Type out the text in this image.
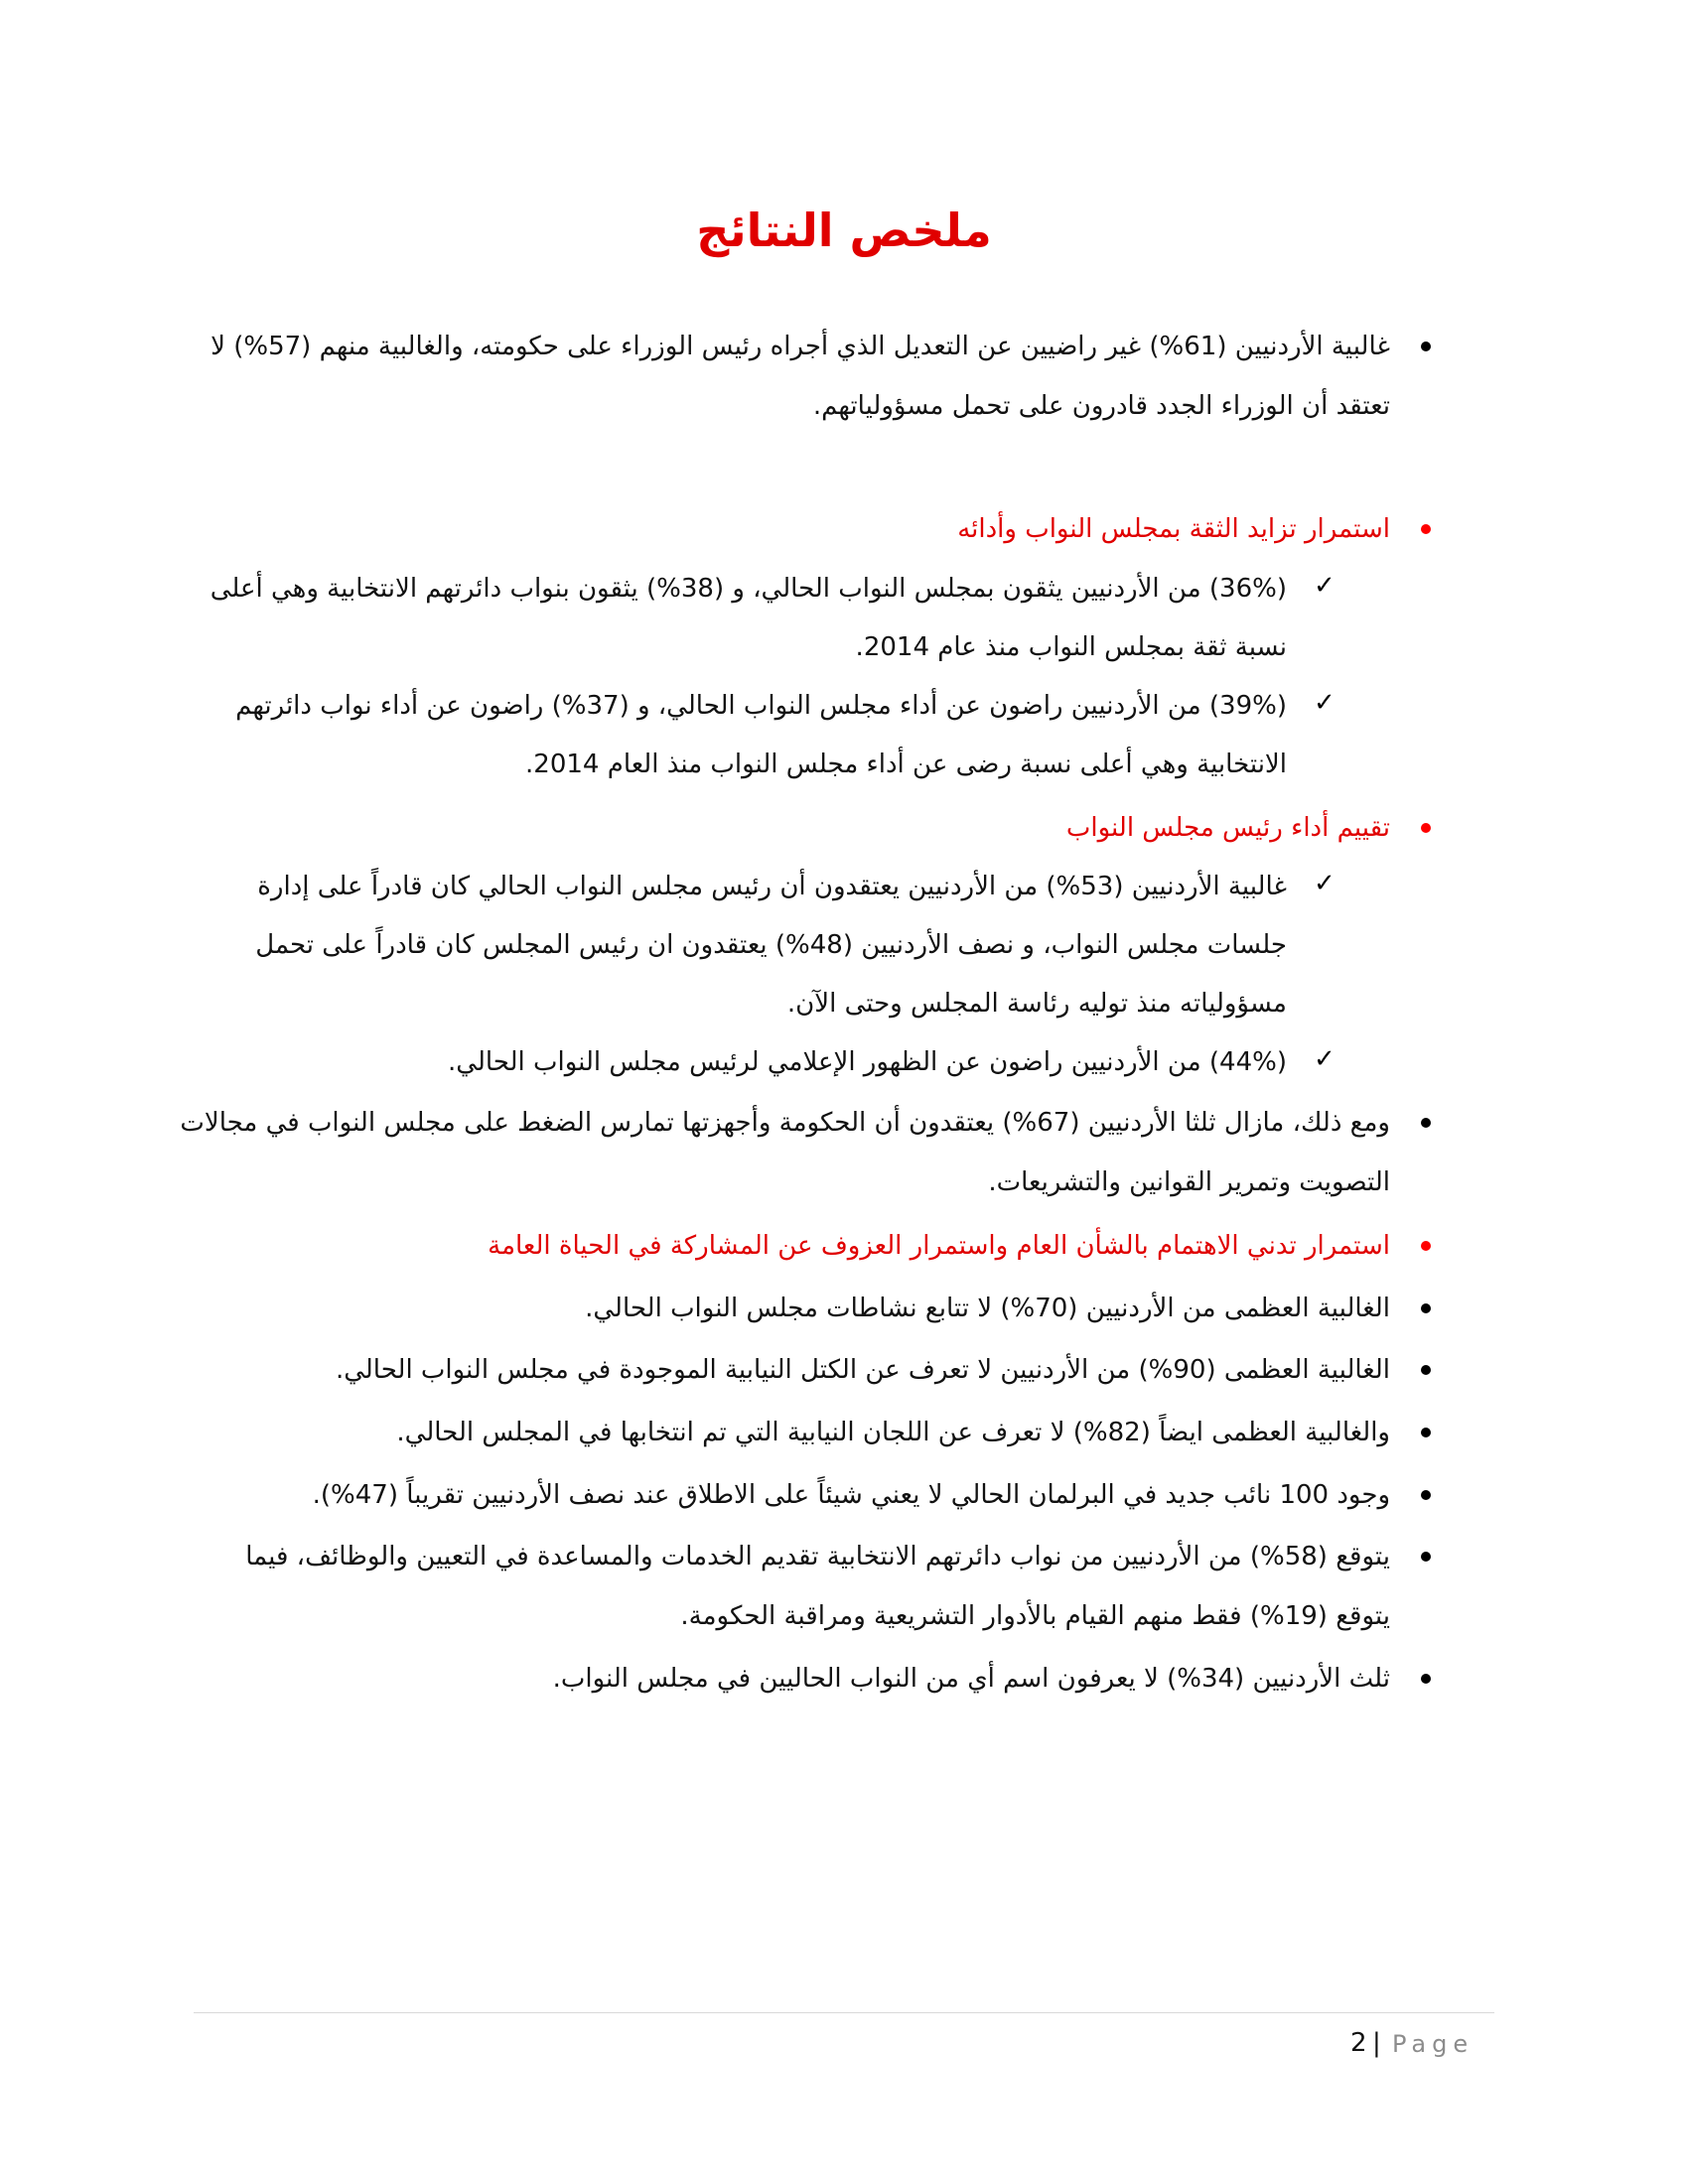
ملخص النتائج

غالبية الأردنيين (61%) غير راضيين عن التعديل الذي أجراه رئيس الوزراء على حكومته، والغالبية منهم (57%) لا

تعتقد أن الوزراء الجدد قادرون على تحمل مسؤولياتهم.

استمرار تزايد الثقة بمجلس النواب وأدائه

✓

(36%) من الأردنيين يثقون بمجلس النواب الحالي، و (38%) يثقون بنواب دائرتهم الانتخابية وهي أعلى

نسبة ثقة بمجلس النواب منذ عام 2014.

✓

(39%) من الأردنيين راضون عن أداء مجلس النواب الحالي، و (37%) راضون عن أداء نواب دائرتهم

الانتخابية وهي أعلى نسبة رضى عن أداء مجلس النواب منذ العام 2014.

تقييم أداء رئيس مجلس النواب

✓

غالبية الأردنيين (53%) من الأردنيين يعتقدون أن رئيس مجلس النواب الحالي كان قادراً على إدارة

جلسات مجلس النواب، و نصف الأردنيين (48%) يعتقدون ان رئيس المجلس كان قادراً على تحمل

مسؤولياته منذ توليه رئاسة المجلس وحتى الآن.

✓

(44%) من الأردنيين راضون عن الظهور الإعلامي لرئيس مجلس النواب الحالي.

ومع ذلك، مازال ثلثا الأردنيين (67%) يعتقدون أن الحكومة وأجهزتها تمارس الضغط على مجلس النواب في مجالات

التصويت وتمرير القوانين والتشريعات.

استمرار تدني الاهتمام بالشأن العام واستمرار العزوف عن المشاركة في الحياة العامة

الغالبية العظمى من الأردنيين (70%) لا تتابع نشاطات مجلس النواب الحالي.

الغالبية العظمى (90%) من الأردنيين لا تعرف عن الكتل النيابية الموجودة في مجلس النواب الحالي.

والغالبية العظمى ايضاً (82%) لا تعرف عن اللجان النيابية التي تم انتخابها في المجلس الحالي.

وجود 100 نائب جديد في البرلمان الحالي لا يعني شيئاً على الاطلاق عند نصف الأردنيين تقريباً (47%).

يتوقع (58%) من الأردنيين من نواب دائرتهم الانتخابية تقديم الخدمات والمساعدة في التعيين والوظائف، فيما

يتوقع (19%) فقط منهم القيام بالأدوار التشريعية ومراقبة الحكومة.

ثلث الأردنيين (34%) لا يعرفون اسم أي من النواب الحاليين في مجلس النواب.

2 | Page
